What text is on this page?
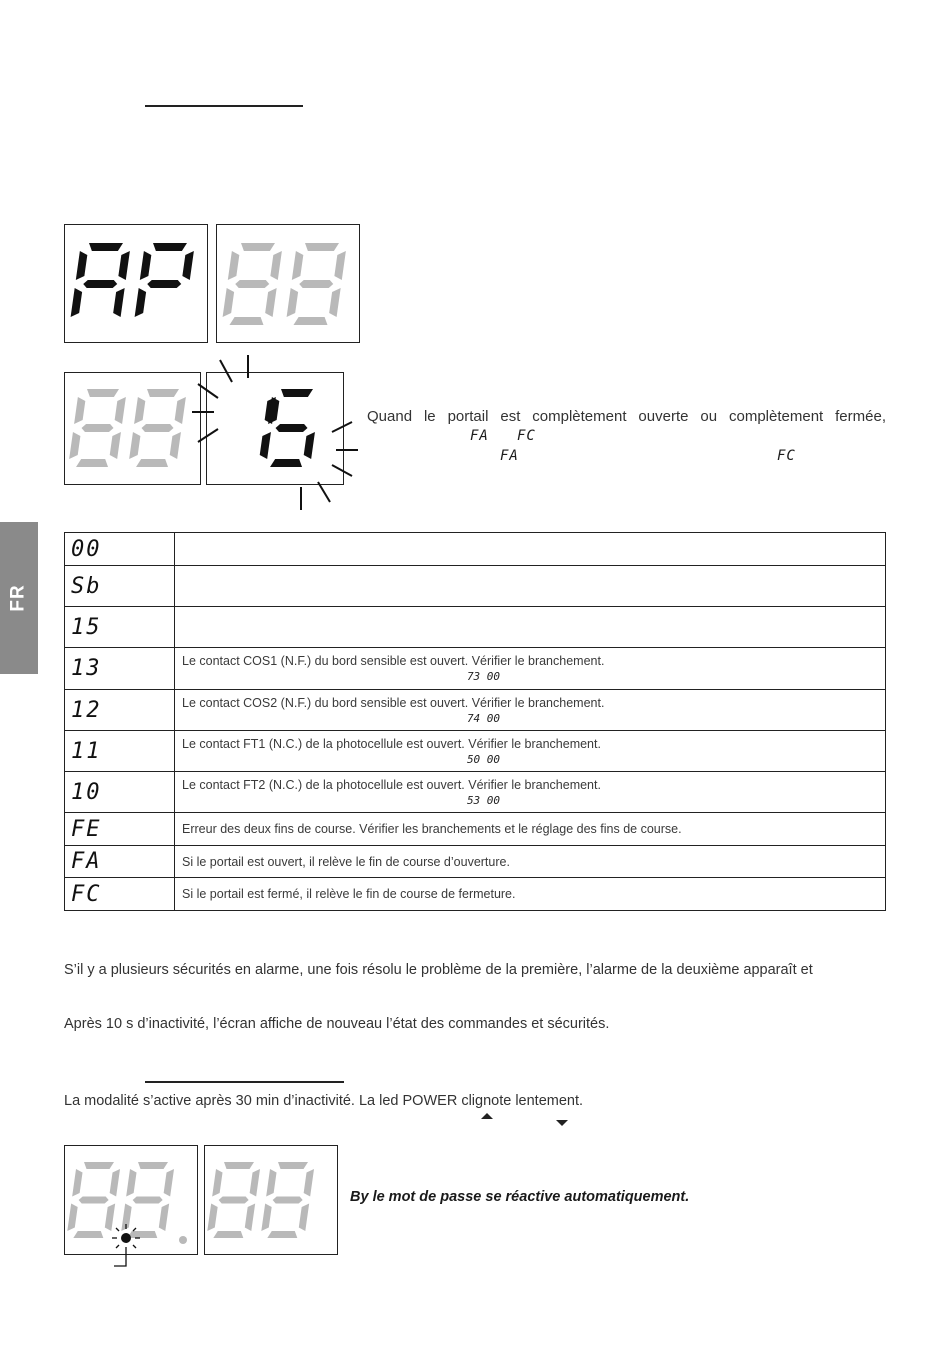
FR
Quand le portail est complètement ouverte ou complètement fermée,
FA FC
FA	FC
00	

Sb	

15	

13	Le contact COS1 (N.F.) du bord sensible est ouvert. Vérifier le branchement.
73 00

12	Le contact COS2 (N.F.) du bord sensible est ouvert. Vérifier le branchement.
74 00

11	Le contact FT1 (N.C.) de la photocellule est ouvert. Vérifier le branchement.
50 00

10	Le contact FT2 (N.C.) de la photocellule est ouvert. Vérifier le branchement.
53 00

FE	Erreur des deux fins de course. Vérifier les branchements et le réglage des fins de course.

FA	Si le portail est ouvert, il relève le fin de course d’ouverture.

FC	Si le portail est fermé, il relève le fin de course de fermeture.
S’il y a plusieurs sécurités en alarme, une fois résolu le problème de la première, l’alarme de la deuxième apparaît et
Après 10 s d’inactivité, l’écran affiche de nouveau l’état des commandes et sécurités.
La modalité s’active après 30 min d’inactivité. La led POWER clignote lentement.
By le mot de passe se réactive automatiquement.
